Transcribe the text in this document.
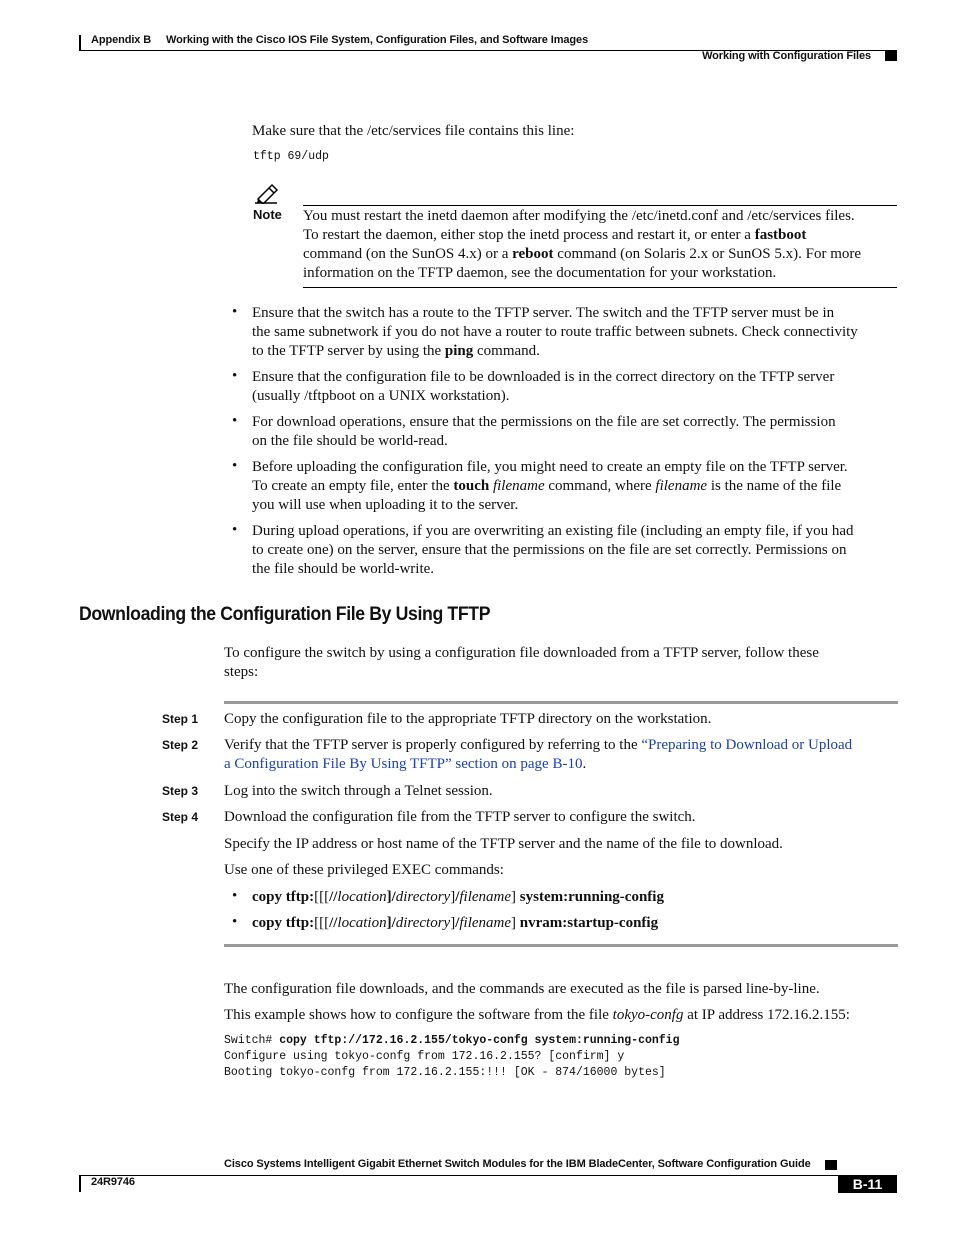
Appendix B Working with the Cisco IOS File System, Configuration Files, and Software Images
Working with Configuration Files
Make sure that the /etc/services file contains this line:
tftp 69/udp
Note You must restart the inetd daemon after modifying the /etc/inetd.conf and /etc/services files.
To restart the daemon, either stop the inetd process and restart it, or enter a fastboot
command (on the SunOS 4.x) or a reboot command (on Solaris 2.x or SunOS 5.x). For more
information on the TFTP daemon, see the documentation for your workstation.
• Ensure that the switch has a route to the TFTP server. The switch and the TFTP server must be in
the same subnetwork if you do not have a router to route traffic between subnets. Check connectivity
to the TFTP server by using the ping command.
• Ensure that the configuration file to be downloaded is in the correct directory on the TFTP server
(usually /tftpboot on a UNIX workstation).
• For download operations, ensure that the permissions on the file are set correctly. The permission
on the file should be world-read.
• Before uploading the configuration file, you might need to create an empty file on the TFTP server.
To create an empty file, enter the touch filename command, where filename is the name of the file
you will use when uploading it to the server.
• During upload operations, if you are overwriting an existing file (including an empty file, if you had
to create one) on the server, ensure that the permissions on the file are set correctly. Permissions on
the file should be world-write.
Downloading the Configuration File By Using TFTP
To configure the switch by using a configuration file downloaded from a TFTP server, follow these
steps:
Step 1 Copy the configuration file to the appropriate TFTP directory on the workstation.
Step 2 Verify that the TFTP server is properly configured by referring to the “Preparing to Download or Upload
a Configuration File By Using TFTP” section on page B-10.
Step 3 Log into the switch through a Telnet session.
Step 4 Download the configuration file from the TFTP server to configure the switch.
Specify the IP address or host name of the TFTP server and the name of the file to download.
Use one of these privileged EXEC commands:
• copy tftp:[[[//location]/directory]/filename] system:running-config
• copy tftp:[[[//location]/directory]/filename] nvram:startup-config
The configuration file downloads, and the commands are executed as the file is parsed line-by-line.
This example shows how to configure the software from the file tokyo-confg at IP address 172.16.2.155:
Switch# copy tftp://172.16.2.155/tokyo-confg system:running-config
Configure using tokyo-confg from 172.16.2.155? [confirm] y
Booting tokyo-confg from 172.16.2.155:!!! [OK - 874/16000 bytes]
Cisco Systems Intelligent Gigabit Ethernet Switch Modules for the IBM BladeCenter, Software Configuration Guide
24R9746	B-11
